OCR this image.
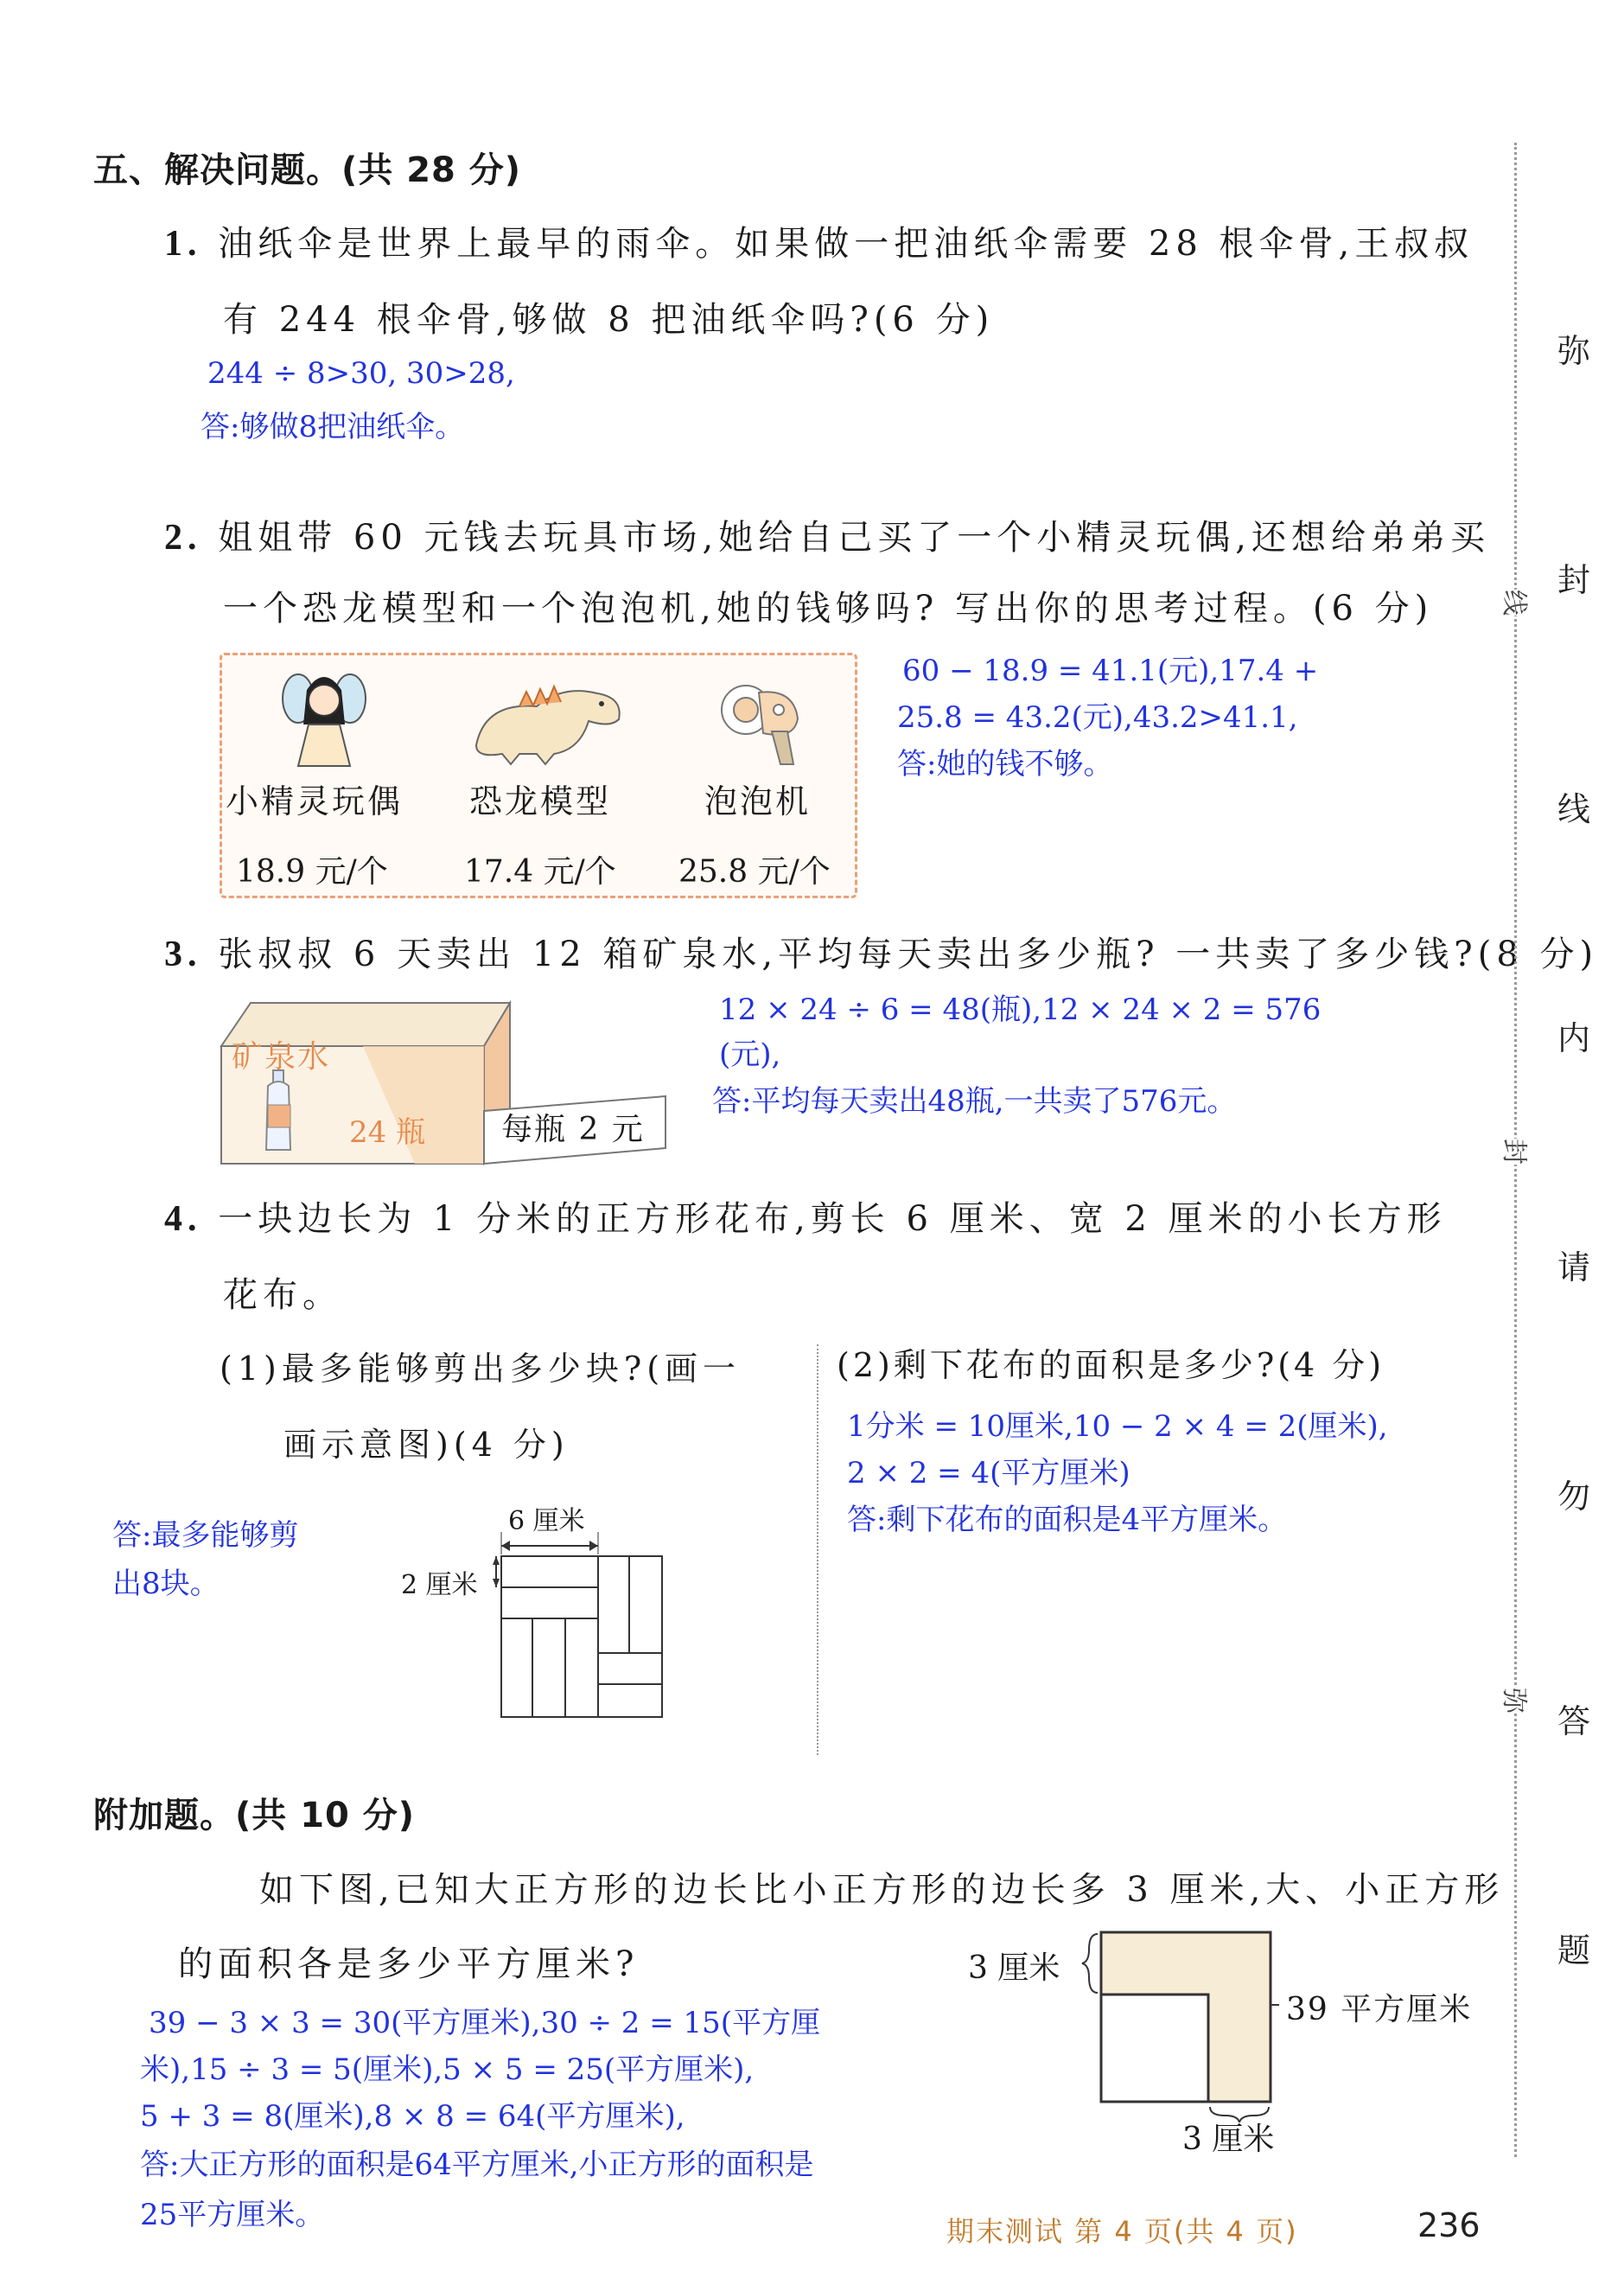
五、解决问题。(共 28 分)
1. 油纸伞是世界上最早的雨伞。如果做一把油纸伞需要 28 根伞骨,王叔叔
有 244 根伞骨,够做 8 把油纸伞吗?(6 分)
244 ÷ 8>30, 30>28,
答:够做8把油纸伞。
2. 姐姐带 60 元钱去玩具市场,她给自己买了一个小精灵玩偶,还想给弟弟买
一个恐龙模型和一个泡泡机,她的钱够吗? 写出你的思考过程。(6 分)
小精灵玩偶 恐龙模型	泡泡机
18.9 元/个 17.4 元/个 25.8 元/个
60 − 18.9 = 41.1(元),17.4 +
25.8 = 43.2(元),43.2>41.1,
答:她的钱不够。
3. 张叔叔 6 天卖出 12 箱矿泉水,平均每天卖出多少瓶? 一共卖了多少钱?(8 分)
矿泉水
24 瓶 每瓶 2 元
12 × 24 ÷ 6 = 48(瓶),12 × 24 × 2 = 576
(元),
答:平均每天卖出48瓶,一共卖了576元。
4. 一块边长为 1 分米的正方形花布,剪长 6 厘米、宽 2 厘米的小长方形
花布。
(1)最多能够剪出多少块?(画一
画示意图)(4 分)
答:最多能够剪
出8块。
6 厘米
2 厘米
(2)剩下花布的面积是多少?(4 分)
1分米 = 10厘米,10 − 2 × 4 = 2(厘米),
2 × 2 = 4(平方厘米)
答:剩下花布的面积是4平方厘米。
附加题。(共 10 分)
如下图,已知大正方形的边长比小正方形的边长多 3 厘米,大、小正方形
的面积各是多少平方厘米?	3 厘米
39 平方厘米
3 厘米
39 − 3 × 3 = 30(平方厘米),30 ÷ 2 = 15(平方厘
米),15 ÷ 3 = 5(厘米),5 × 5 = 25(平方厘米),
5 + 3 = 8(厘米),8 × 8 = 64(平方厘米),
答:大正方形的面积是64平方厘米,小正方形的面积是
25平方厘米。
弥
封
线
内
请
勿
答
题
线
封
弥
期末测试 第 4 页(共 4 页)	236
